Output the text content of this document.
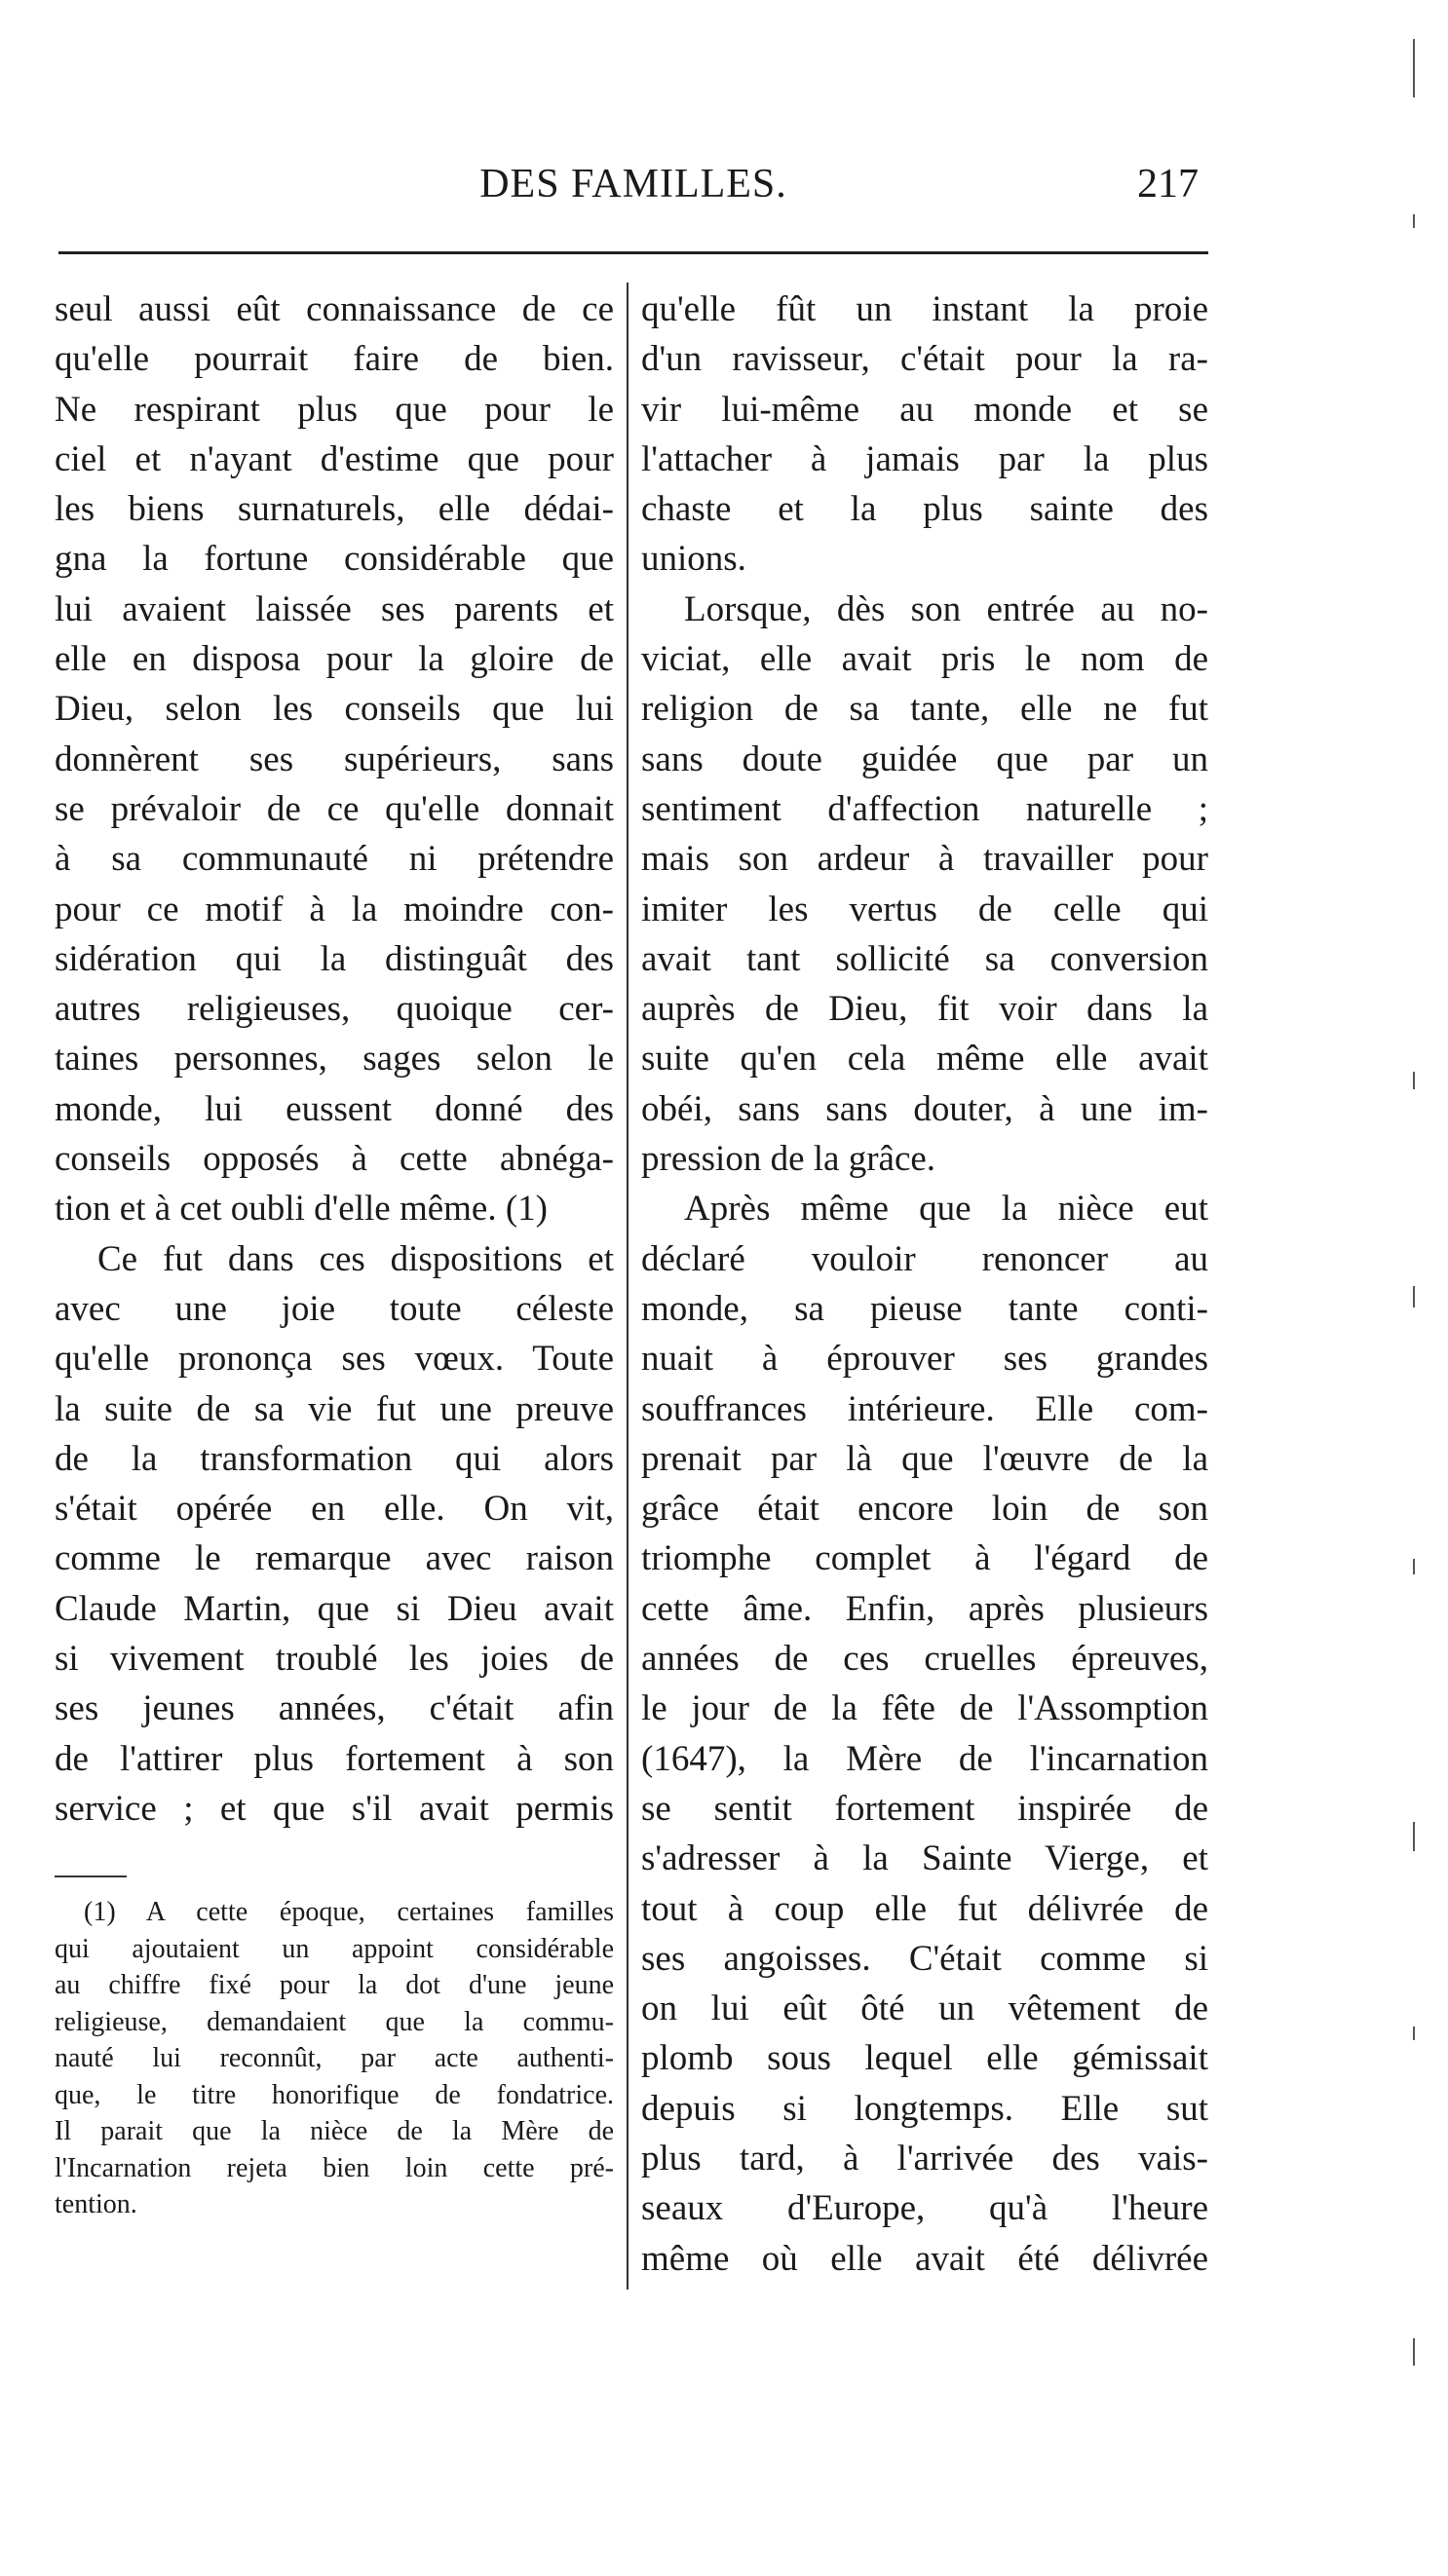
DES FAMILLES.	217
seul aussi eût connaissance de ce
qu'elle pourrait faire de bien.
Ne respirant plus que pour le
ciel et n'ayant d'estime que pour
les biens surnaturels, elle dédai-
gna la fortune considérable que
lui avaient laissée ses parents et
elle en disposa pour la gloire de
Dieu, selon les conseils que lui
donnèrent ses supérieurs, sans
se prévaloir de ce qu'elle donnait
à sa communauté ni prétendre
pour ce motif à la moindre con-
sidération qui la distinguât des
autres religieuses, quoique cer-
taines personnes, sages selon le
monde, lui eussent donné des
conseils opposés à cette abnéga-
tion et à cet oubli d'elle même. (1)
Ce fut dans ces dispositions et
avec une joie toute céleste
qu'elle prononça ses vœux. Toute
la suite de sa vie fut une preuve
de la transformation qui alors
s'était opérée en elle. On vit,
comme le remarque avec raison
Claude Martin, que si Dieu avait
si vivement troublé les joies de
ses jeunes années, c'était afin
de l'attirer plus fortement à son
service ; et que s'il avait permis
qu'elle fût un instant la proie
d'un ravisseur, c'était pour la ra-
vir lui-même au monde et se
l'attacher à jamais par la plus
chaste et la plus sainte des
unions.
Lorsque, dès son entrée au no-
viciat, elle avait pris le nom de
religion de sa tante, elle ne fut
sans doute guidée que par un
sentiment d'affection naturelle ;
mais son ardeur à travailler pour
imiter les vertus de celle qui
avait tant sollicité sa conversion
auprès de Dieu, fit voir dans la
suite qu'en cela même elle avait
obéi, sans sans douter, à une im-
pression de la grâce.
Après même que la nièce eut
déclaré vouloir renoncer au
monde, sa pieuse tante conti-
nuait à éprouver ses grandes
souffrances intérieure. Elle com-
prenait par là que l'œuvre de la
grâce était encore loin de son
triomphe complet à l'égard de
cette âme. Enfin, après plusieurs
années de ces cruelles épreuves,
le jour de la fête de l'Assomption
(1647), la Mère de l'incarnation
se sentit fortement inspirée de
s'adresser à la Sainte Vierge, et
tout à coup elle fut délivrée de
ses angoisses. C'était comme si
on lui eût ôté un vêtement de
plomb sous lequel elle gémissait
depuis si longtemps. Elle sut
plus tard, à l'arrivée des vais-
seaux d'Europe, qu'à l'heure
même où elle avait été délivrée
(1) A cette époque, certaines familles
qui ajoutaient un appoint considérable
au chiffre fixé pour la dot d'une jeune
religieuse, demandaient que la commu-
nauté lui reconnût, par acte authenti-
que, le titre honorifique de fondatrice.
Il parait que la nièce de la Mère de
l'Incarnation rejeta bien loin cette pré-
tention.
